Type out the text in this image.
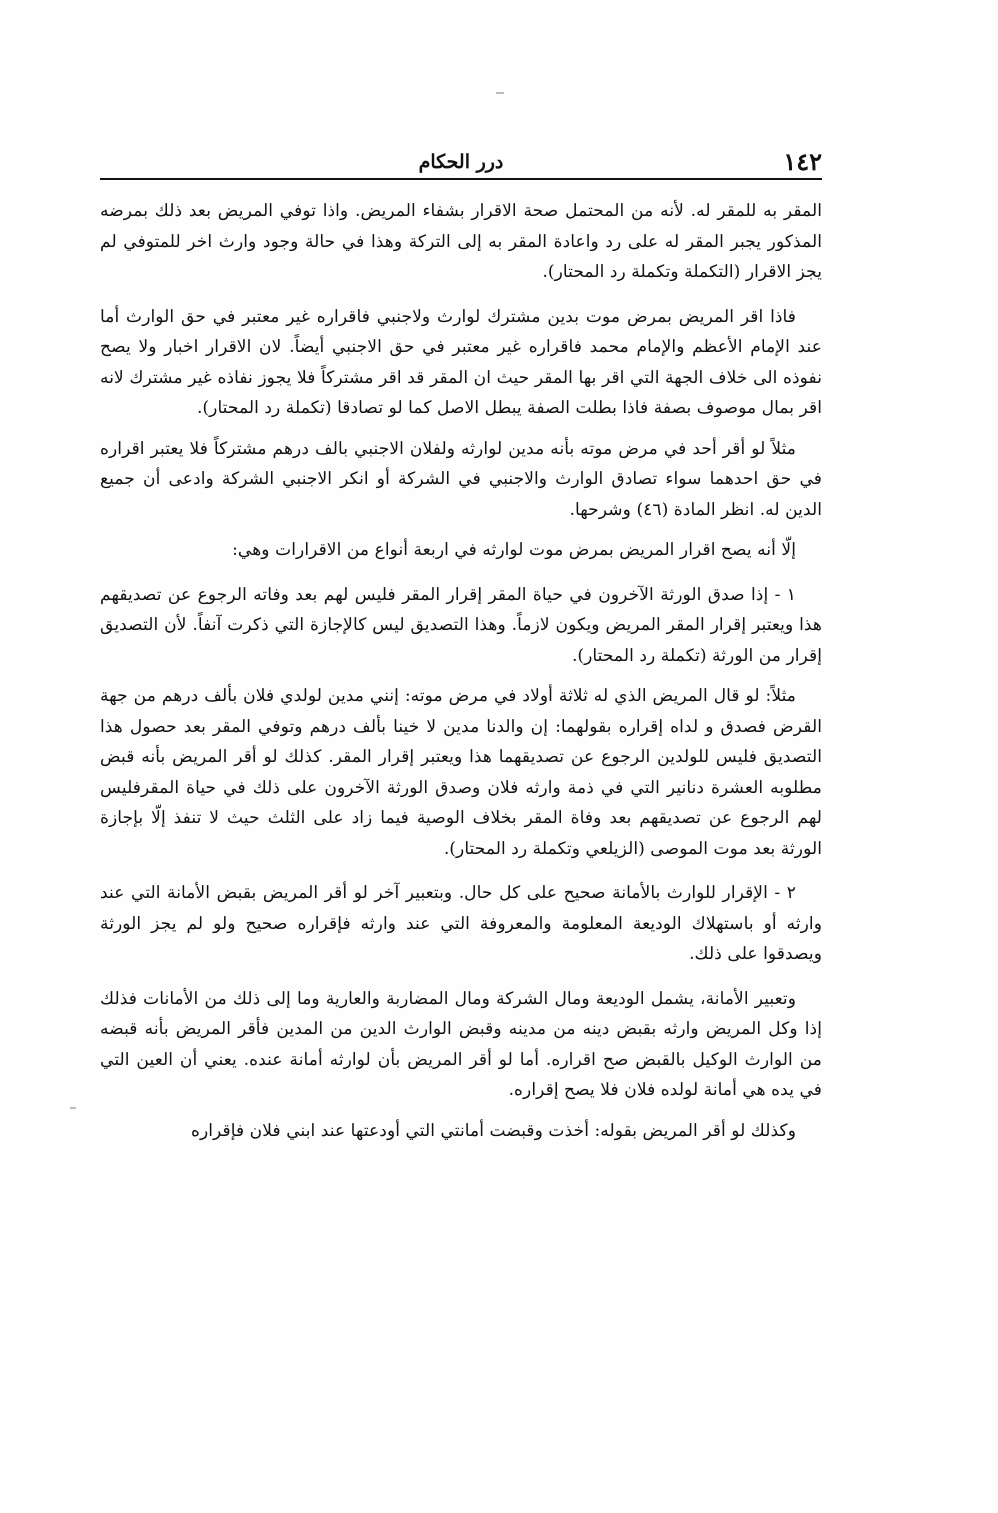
١٤٢
درر الحكام

المقر به للمقر له. لأنه من المحتمل صحة الاقرار بشفاء المريض. واذا توفي المريض بعد ذلك بمرضه المذكور يجبر المقر له على رد واعادة المقر به إلى التركة وهذا في حالة وجود وارث اخر للمتوفي لم يجز الاقرار (التكملة وتكملة رد المحتار).

فاذا اقر المريض بمرض موت بدين مشترك لوارث ولاجنبي فاقراره غير معتبر في حق الوارث أما عند الإمام الأعظم والإمام محمد فاقراره غير معتبر في حق الاجنبي أيضاً. لان الاقرار اخبار ولا يصح نفوذه الى خلاف الجهة التي اقر بها المقر حيث ان المقر قد اقر مشتركاً فلا يجوز نفاذه غير مشترك لانه اقر بمال موصوف بصفة فاذا بطلت الصفة يبطل الاصل كما لو تصادقا (تكملة رد المحتار).

مثلاً لو أقر أحد في مرض موته بأنه مدين لوارثه ولفلان الاجنبي بالف درهم مشتركاً فلا يعتبر اقراره في حق احدهما سواء تصادق الوارث والاجنبي في الشركة أو انكر الاجنبي الشركة وادعى أن جميع الدين له. انظر المادة (٤٦) وشرحها.

إلّا أنه يصح اقرار المريض بمرض موت لوارثه في اربعة أنواع من الاقرارات وهي:

١ - إذا صدق الورثة الآخرون في حياة المقر إقرار المقر فليس لهم بعد وفاته الرجوع عن تصديقهم هذا ويعتبر إقرار المقر المريض ويكون لازماً. وهذا التصديق ليس كالإجازة التي ذكرت آنفاً. لأن التصديق إقرار من الورثة (تكملة رد المحتار).

مثلاً: لو قال المريض الذي له ثلاثة أولاد في مرض موته: إنني مدين لولدي فلان بألف درهم من جهة القرض فصدق و لداه إقراره بقولهما: إن والدنا مدين لا خينا بألف درهم وتوفي المقر بعد حصول هذا التصديق فليس للولدين الرجوع عن تصديقهما هذا ويعتبر إقرار المقر. كذلك لو أقر المريض بأنه قبض مطلوبه العشرة دنانير التي في ذمة وارثه فلان وصدق الورثة الآخرون على ذلك في حياة المقرفليس لهم الرجوع عن تصديقهم بعد وفاة المقر بخلاف الوصية فيما زاد على الثلث حيث لا تنفذ إلّا بإجازة الورثة بعد موت الموصى (الزيلعي وتكملة رد المحتار).

٢ - الإقرار للوارث بالأمانة صحيح على كل حال. وبتعبير آخر لو أقر المريض بقبض الأمانة التي عند وارثه أو باستهلاك الوديعة المعلومة والمعروفة التي عند وارثه فإقراره صحيح ولو لم يجز الورثة ويصدقوا على ذلك.

وتعبير الأمانة، يشمل الوديعة ومال الشركة ومال المضاربة والعارية وما إلى ذلك من الأمانات فذلك إذا وكل المريض وارثه بقبض دينه من مدينه وقبض الوارث الدين من المدين فأقر المريض بأنه قبضه من الوارث الوكيل بالقبض صح اقراره. أما لو أقر المريض بأن لوارثه أمانة عنده. يعني أن العين التي في يده هي أمانة لولده فلان فلا يصح إقراره.

وكذلك لو أقر المريض بقوله: أخذت وقبضت أمانتي التي أودعتها عند ابني فلان فإقراره
